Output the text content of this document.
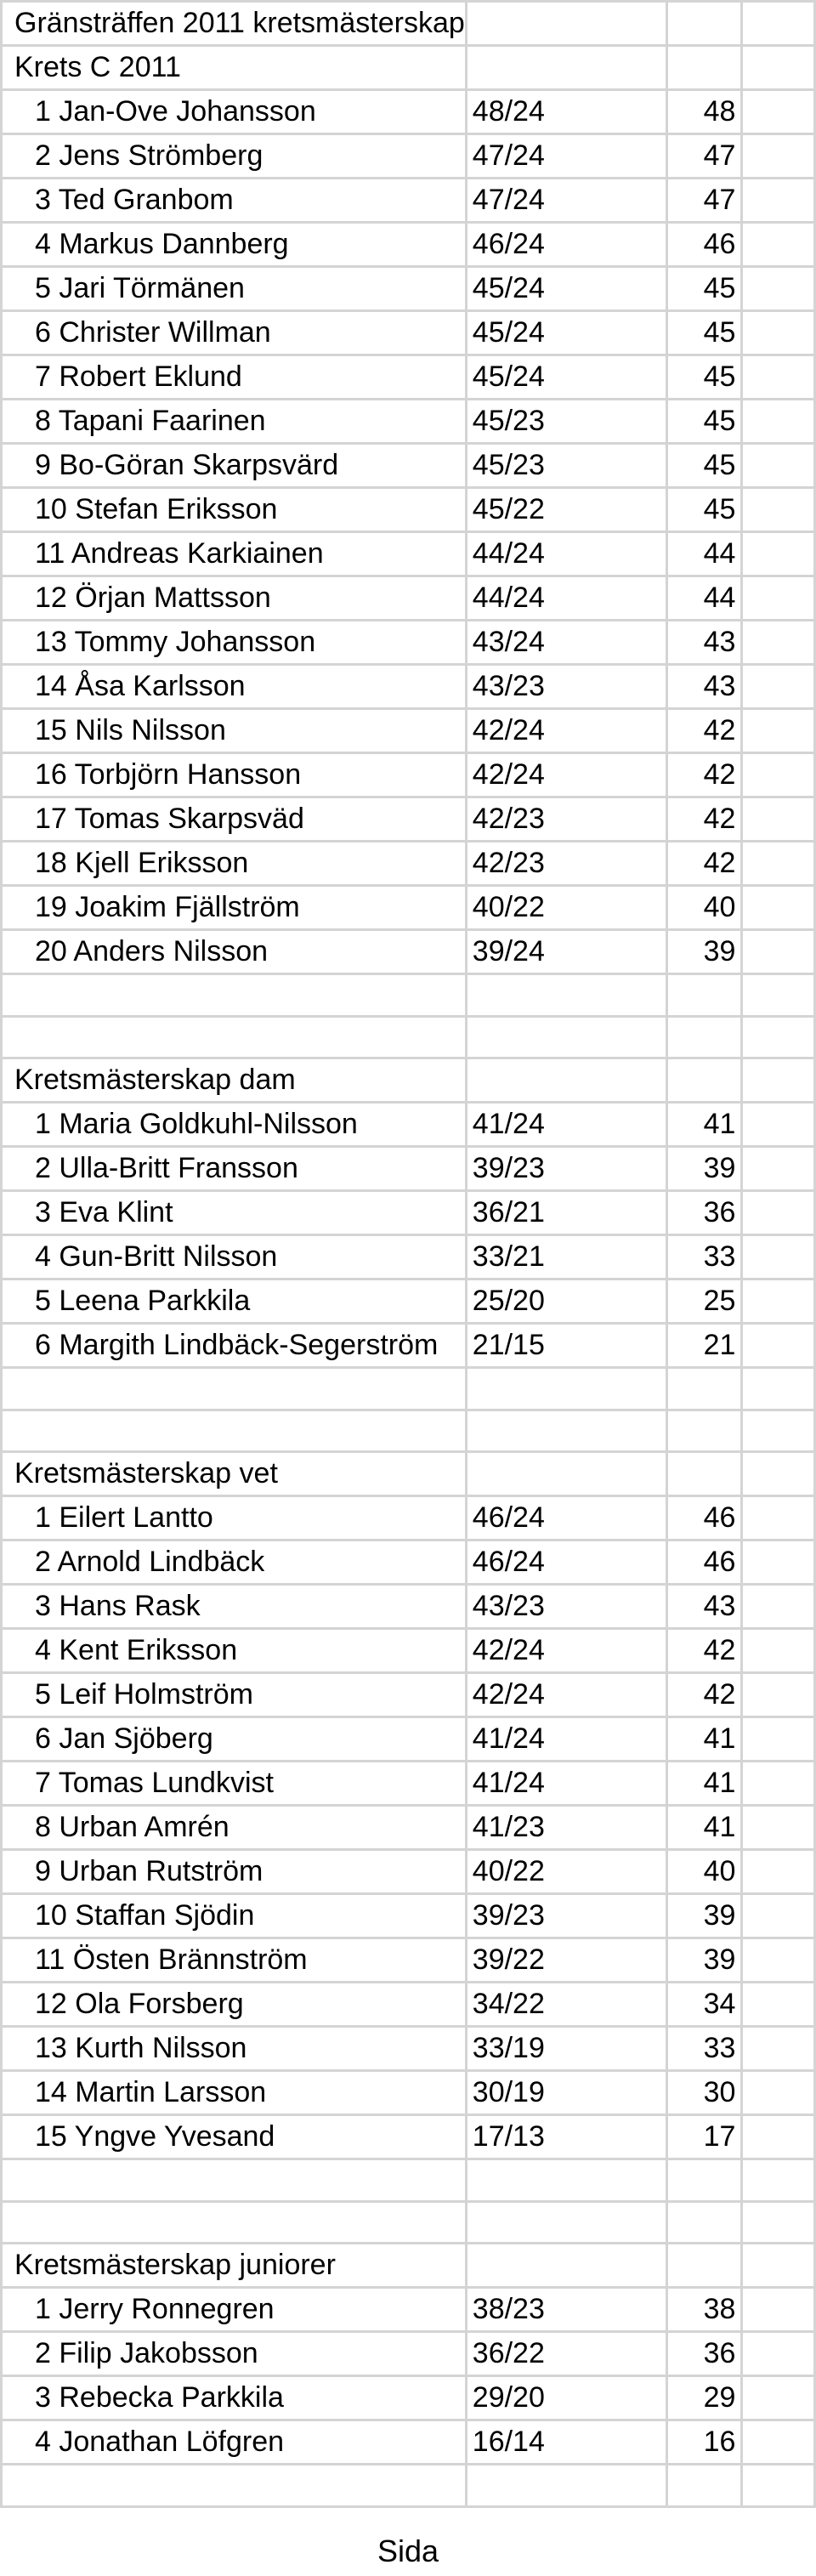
Gränsträffen 2011 kretsmästerskap			
Krets C 2011			
1 Jan-Ove Johansson	48/24	48	
2 Jens Strömberg	47/24	47	
3 Ted Granbom	47/24	47	
4 Markus Dannberg	46/24	46	
5 Jari Törmänen	45/24	45	
6 Christer Willman	45/24	45	
7 Robert Eklund	45/24	45	
8 Tapani Faarinen	45/23	45	
9 Bo-Göran Skarpsvärd	45/23	45	
10 Stefan Eriksson	45/22	45	
11 Andreas Karkiainen	44/24	44	
12 Örjan Mattsson	44/24	44	
13 Tommy Johansson	43/24	43	
14 Åsa Karlsson	43/23	43	
15 Nils Nilsson	42/24	42	
16 Torbjörn Hansson	42/24	42	
17 Tomas Skarpsväd	42/23	42	
18 Kjell Eriksson	42/23	42	
19 Joakim Fjällström	40/22	40	
20 Anders Nilsson	39/24	39	

Kretsmästerskap dam			
1 Maria Goldkuhl-Nilsson	41/24	41	
2 Ulla-Britt Fransson	39/23	39	
3 Eva Klint	36/21	36	
4 Gun-Britt Nilsson	33/21	33	
5 Leena Parkkila	25/20	25	
6 Margith Lindbäck-Segerström	21/15	21	

Kretsmästerskap vet			
1 Eilert Lantto	46/24	46	
2 Arnold Lindbäck	46/24	46	
3 Hans Rask	43/23	43	
4 Kent Eriksson	42/24	42	
5 Leif Holmström	42/24	42	
6 Jan Sjöberg	41/24	41	
7 Tomas Lundkvist	41/24	41	
8 Urban Amrén	41/23	41	
9 Urban Rutström	40/22	40	
10 Staffan Sjödin	39/23	39	
11 Östen Brännström	39/22	39	
12 Ola Forsberg	34/22	34	
13 Kurth Nilsson	33/19	33	
14 Martin Larsson	30/19	30	
15 Yngve Yvesand	17/13	17	

Kretsmästerskap juniorer			
1 Jerry Ronnegren	38/23	38	
2 Filip Jakobsson	36/22	36	
3 Rebecka Parkkila	29/20	29	
4 Jonathan Löfgren	16/14	16	

Sida
